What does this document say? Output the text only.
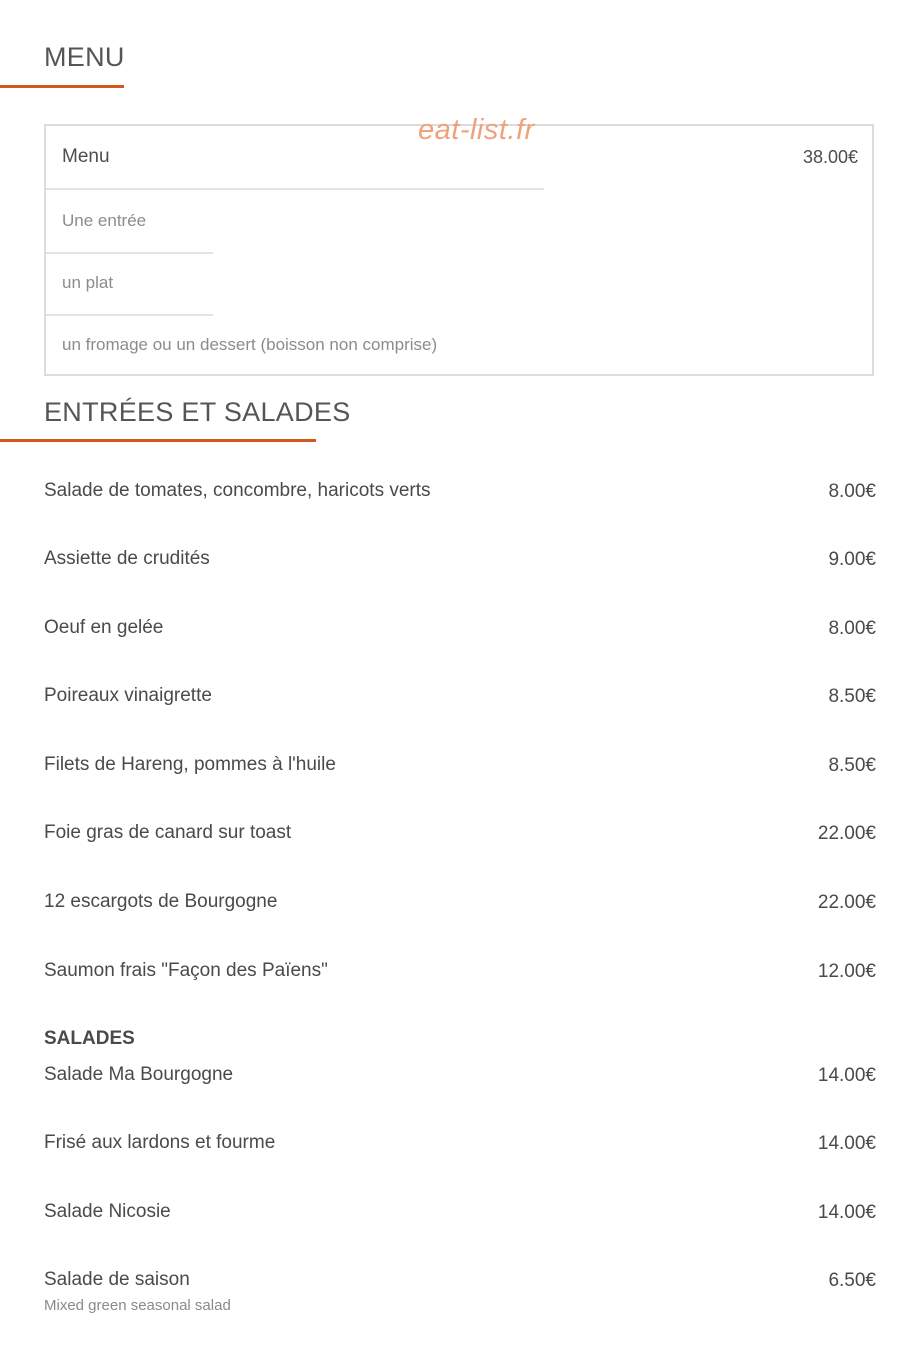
MENU
Menu	38.00€
Une entrée
un plat
un fromage ou un dessert (boisson non comprise)
eat-list.fr
ENTRÉES ET SALADES
Salade de tomates, concombre, haricots verts	8.00€
Assiette de crudités	9.00€
Oeuf en gelée	8.00€
Poireaux vinaigrette	8.50€
Filets de Hareng, pommes à l'huile	8.50€
Foie gras de canard sur toast	22.00€
12 escargots de Bourgogne	22.00€
Saumon frais "Façon des Païens"	12.00€
SALADES
Salade Ma Bourgogne	14.00€
Frisé aux lardons et fourme	14.00€
Salade Nicosie	14.00€
Salade de saison	6.50€
Mixed green seasonal salad
